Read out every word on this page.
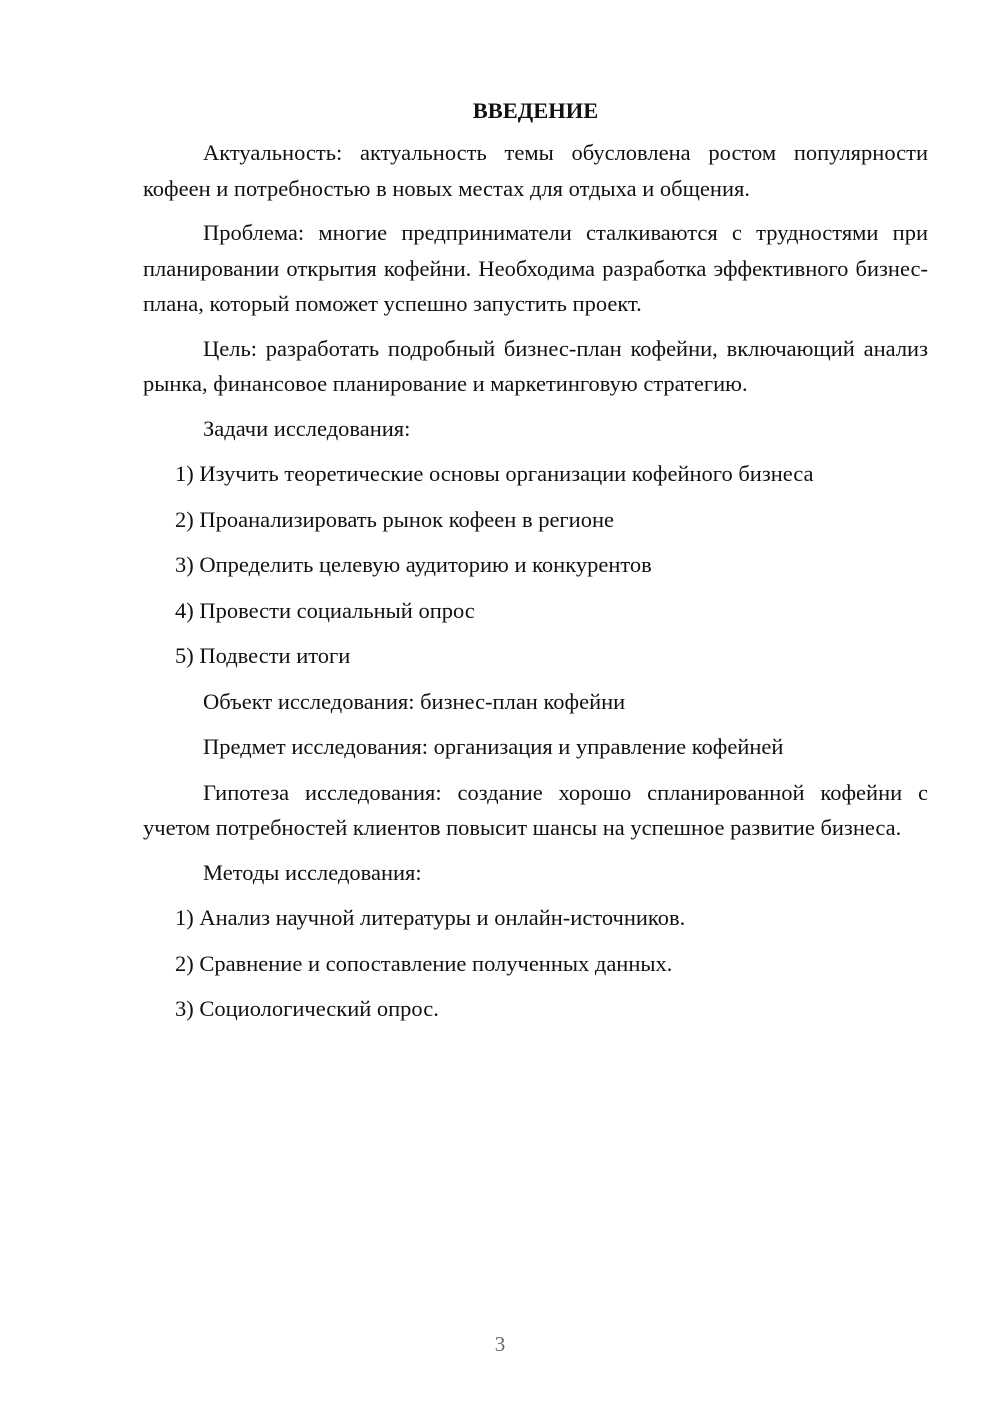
ВВЕДЕНИЕ

Актуальность: актуальность темы обусловлена ростом популярности кофеен и потребностью в новых местах для отдыха и общения.

Проблема: многие предприниматели сталкиваются с трудностями при планировании открытия кофейни. Необходима разработка эффективного бизнес-плана, который поможет успешно запустить проект.

Цель: разработать подробный бизнес-план кофейни, включающий анализ рынка, финансовое планирование и маркетинговую стратегию.

Задачи исследования:
1) Изучить теоретические основы организации кофейного бизнеса
2) Проанализировать рынок кофеен в регионе
3) Определить целевую аудиторию и конкурентов
4) Провести социальный опрос
5) Подвести итоги
Объект исследования: бизнес-план кофейни
Предмет исследования: организация и управление кофейней

Гипотеза исследования: создание хорошо спланированной кофейни с учетом потребностей клиентов повысит шансы на успешное развитие бизнеса.

Методы исследования:
1) Анализ научной литературы и онлайн-источников.
2) Сравнение и сопоставление полученных данных.
3) Социологический опрос.
3
